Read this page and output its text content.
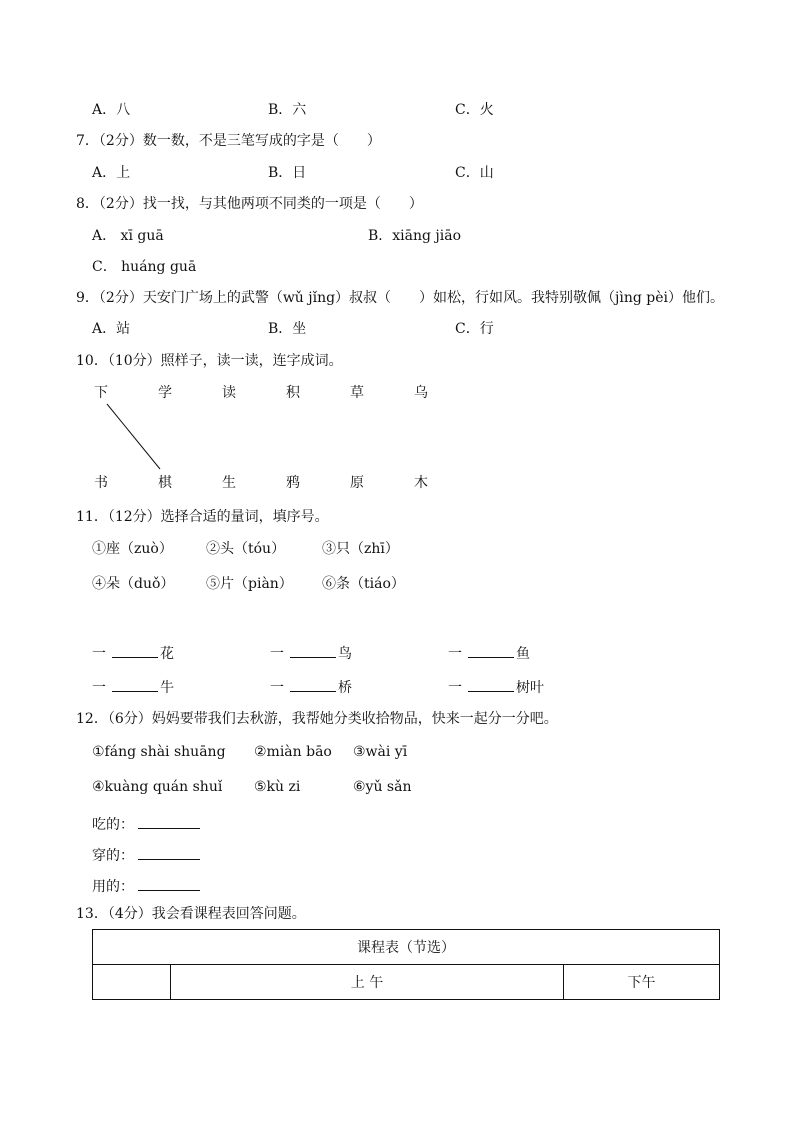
A．八	B．六	C．火
7．（2分）数一数，不是三笔写成的字是（　　）
A．上	B．日	C．山
8．（2分）找一找，与其他两项不同类的一项是（　　）
A． xī guā	B．xiāng jiāo
C． huáng guā
9．（2分）天安门广场上的武警（wǔ jǐng）叔叔（　　）如松，行如风。我特别敬佩（jìng pèi）他们。
A．站	B．坐	C．行
10．（10分）照样子，读一读，连字成词。
下	学	读	积	草	乌
书	棋	生	鸦	原	木
11．（12分）选择合适的量词，填序号。
①座（zuò） ②头（tóu）	③只（zhī）
④朵（duǒ） ⑤片（piàn） ⑥条（tiáo）
一	花	一	鸟	一	鱼
一	牛	一	桥	一	树叶
12．（6分）妈妈要带我们去秋游，我帮她分类收拾物品，快来一起分一分吧。
①fáng shài shuāng ②miàn bāo ③wài yī
④kuàng quán shuǐ ⑤kù zi	⑥yǔ sǎn
吃的：
穿的：
用的：
13．（4分）我会看课程表回答问题。
课程表（节选）
	上 午	下午
